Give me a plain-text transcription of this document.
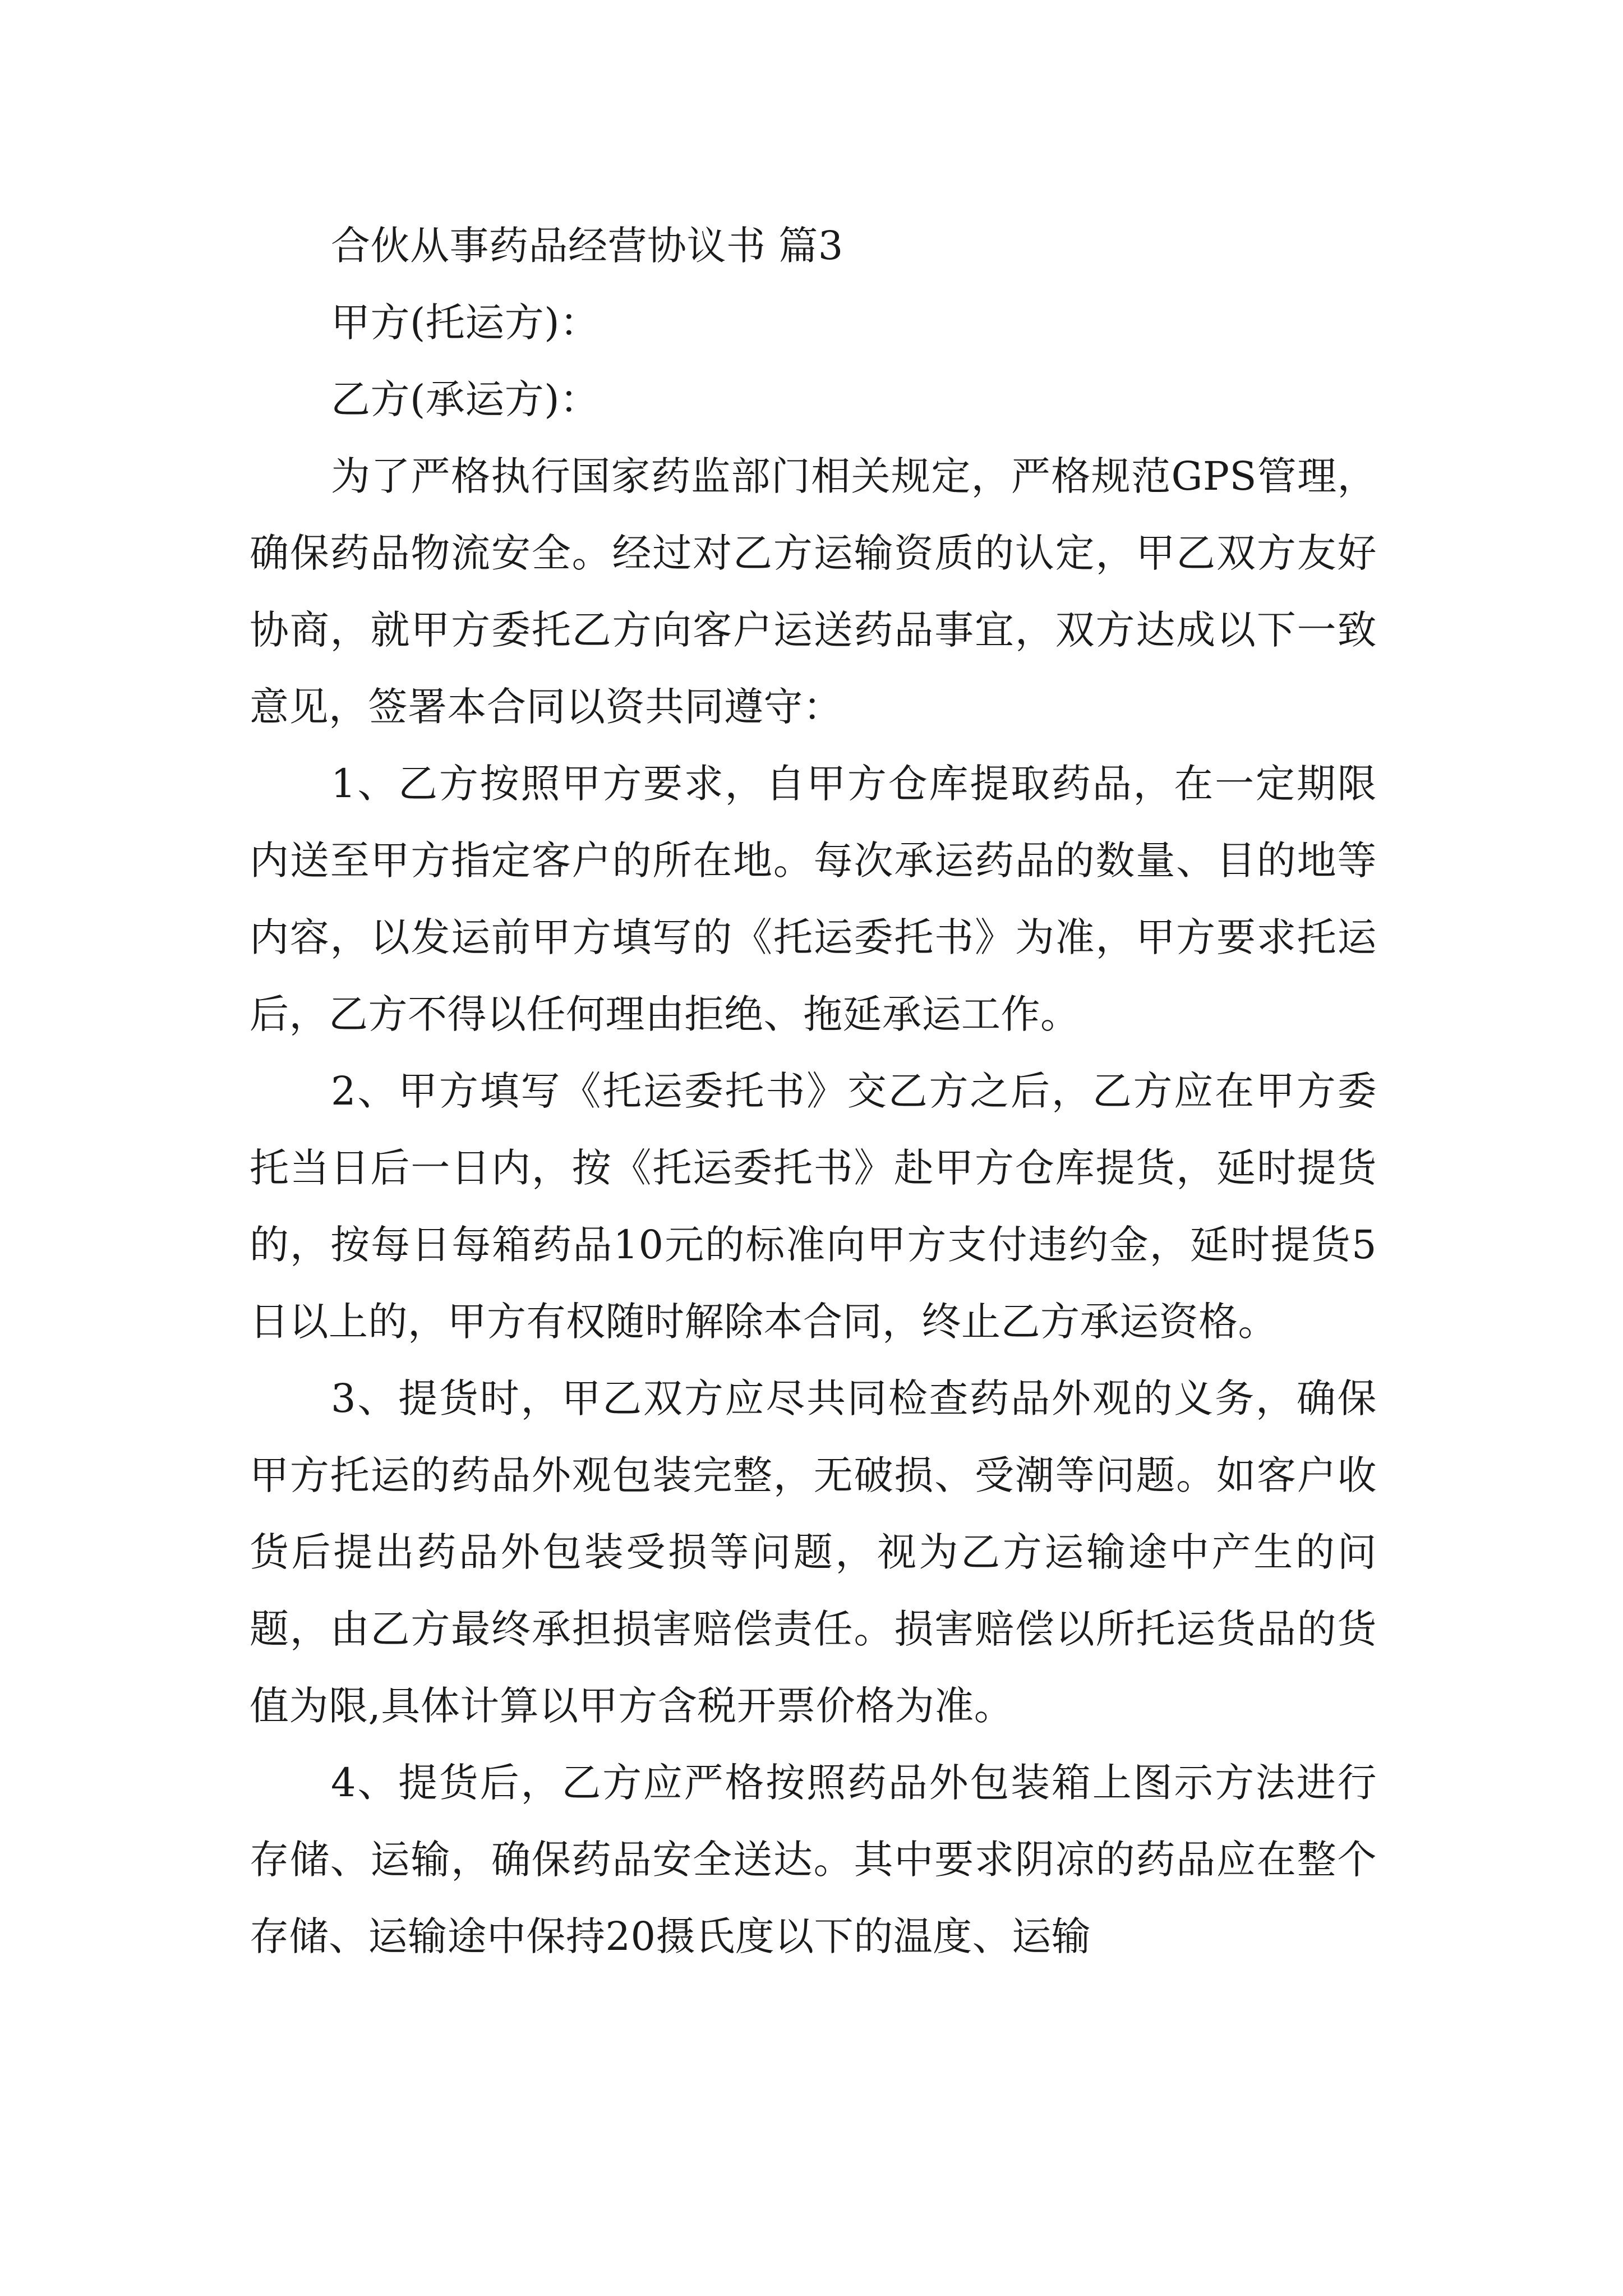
合伙从事药品经营协议书 篇3

甲方(托运方)：

乙方(承运方)：

为了严格执行国家药监部门相关规定，严格规范GPS管理，确保药品物流安全。经过对乙方运输资质的认定，甲乙双方友好协商，就甲方委托乙方向客户运送药品事宜，双方达成以下一致意见，签署本合同以资共同遵守：

1、乙方按照甲方要求，自甲方仓库提取药品，在一定期限内送至甲方指定客户的所在地。每次承运药品的数量、目的地等内容，以发运前甲方填写的《托运委托书》为准，甲方要求托运后，乙方不得以任何理由拒绝、拖延承运工作。

2、甲方填写《托运委托书》交乙方之后，乙方应在甲方委托当日后一日内，按《托运委托书》赴甲方仓库提货，延时提货的，按每日每箱药品10元的标准向甲方支付违约金，延时提货5日以上的，甲方有权随时解除本合同，终止乙方承运资格。

3、提货时，甲乙双方应尽共同检查药品外观的义务，确保甲方托运的药品外观包装完整，无破损、受潮等问题。如客户收货后提出药品外包装受损等问题，视为乙方运输途中产生的问题，由乙方最终承担损害赔偿责任。损害赔偿以所托运货品的货值为限,具体计算以甲方含税开票价格为准。

4、提货后，乙方应严格按照药品外包装箱上图示方法进行存储、运输，确保药品安全送达。其中要求阴凉的药品应在整个存储、运输途中保持20摄氏度以下的温度、运输
